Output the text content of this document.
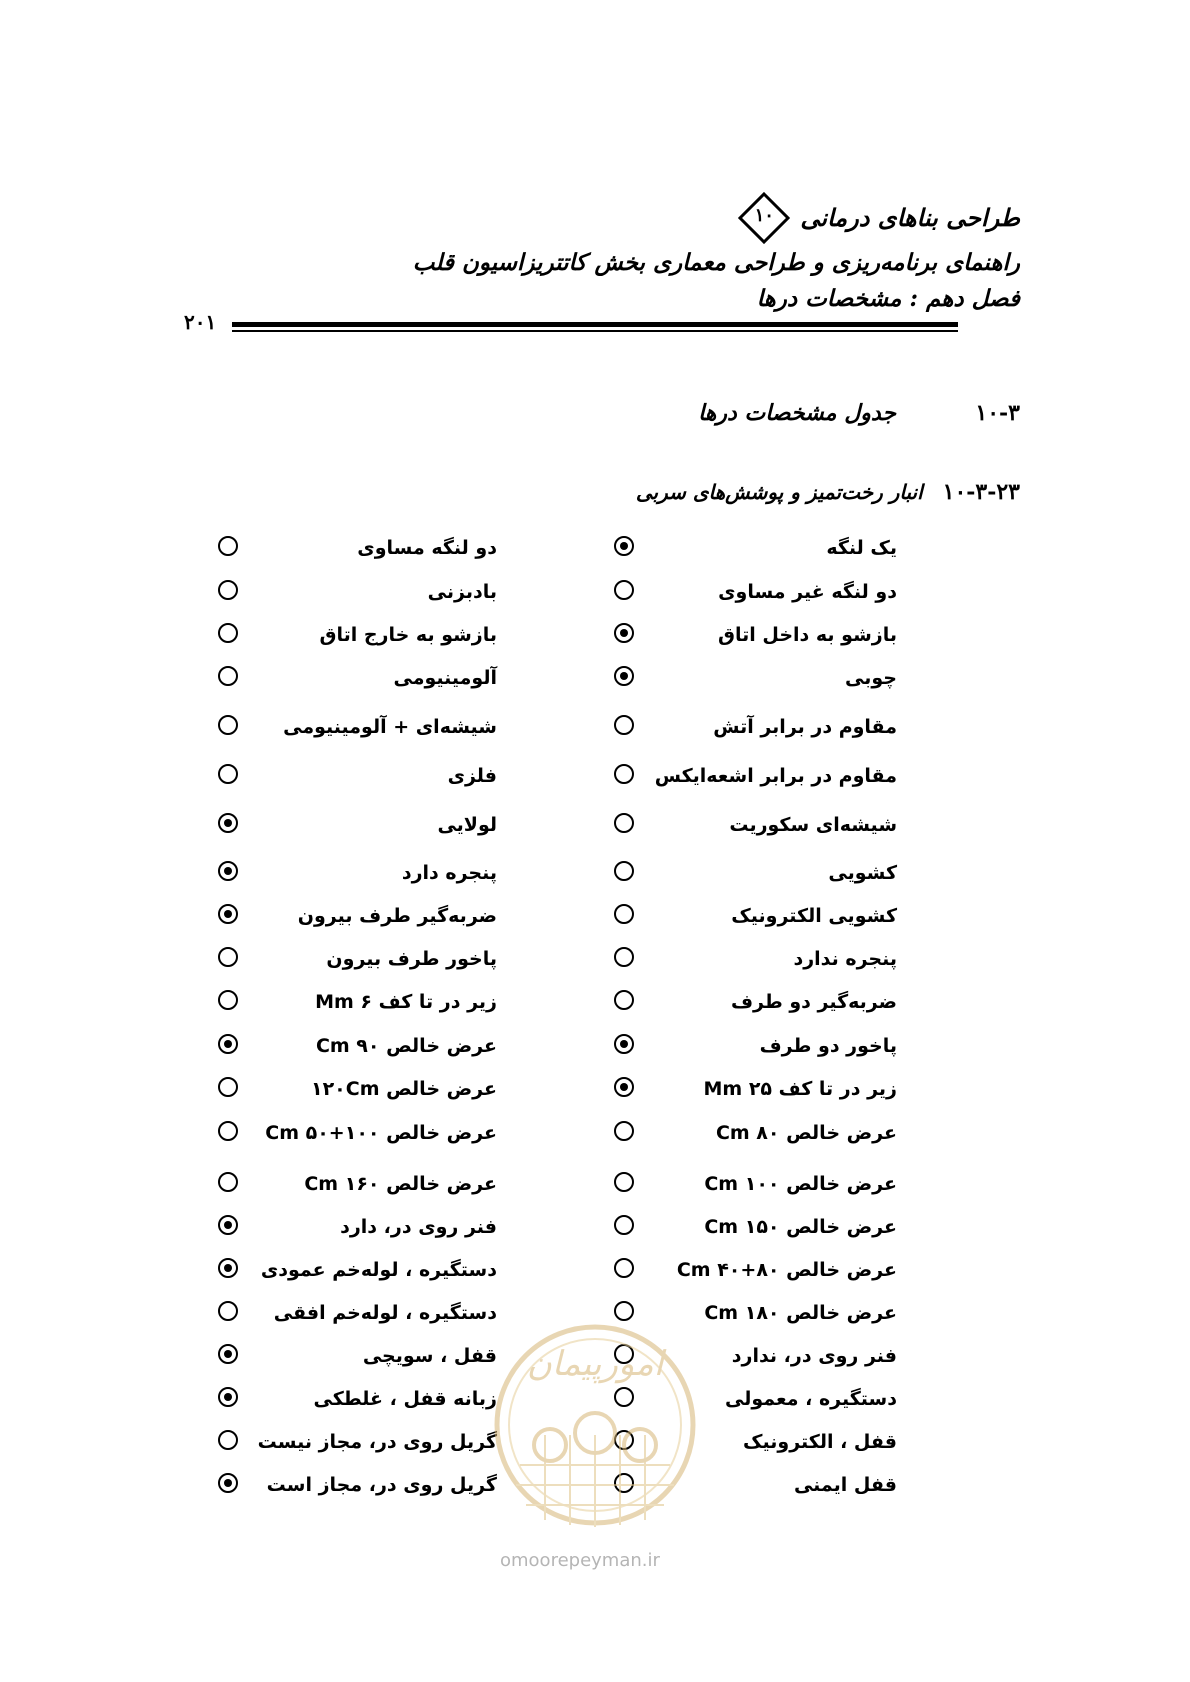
طراحی بناهای درمانی
۱۰
راهنمای برنامه‌ریزی و طراحی معماری بخش کاتتریزاسیون قلب
فصل دهم : مشخصات درها
۲۰۱
۱۰-۳
جدول مشخصات درها
۱۰-۳-۲۳
انبار رخت‌تمیز و پوشش‌های سربی
یک لنگه
دو لنگه مساوی
دو لنگه غیر مساوی
بادبزنی
بازشو به داخل اتاق
بازشو به خارج اتاق
چوبی
آلومینیومی
مقاوم در برابر آتش
شیشه‌ای + آلومینیومی
مقاوم در برابر اشعه‌ایکس
فلزی
شیشه‌ای سکوریت
لولایی
کشویی
پنجره دارد
کشویی الکترونیک
ضربه‌گیر طرف بیرون
پنجره ندارد
پاخور طرف بیرون
ضربه‌گیر دو طرف
زیر در تا کف Mm ۶
پاخور دو طرف
عرض خالص Cm ۹۰
زیر در تا کف Mm ۲۵
عرض خالص ۱۲۰Cm
عرض خالص Cm ۸۰
عرض خالص Cm ۵۰+۱۰۰
عرض خالص Cm ۱۰۰
عرض خالص Cm ۱۶۰
عرض خالص Cm ۱۵۰
فنر روی در، دارد
عرض خالص Cm ۴۰+۸۰
دستگیره ، لوله‌خم عمودی
عرض خالص Cm ۱۸۰
دستگیره ، لوله‌خم افقی
فنر روی در، ندارد
قفل ، سویچی
دستگیره ، معمولی
زبانه قفل ، غلطکی
قفل ، الکترونیک
گریل روی در، مجاز نیست
قفل ایمنی
گریل روی در، مجاز است
امورپیمان
omoorepeyman.ir
